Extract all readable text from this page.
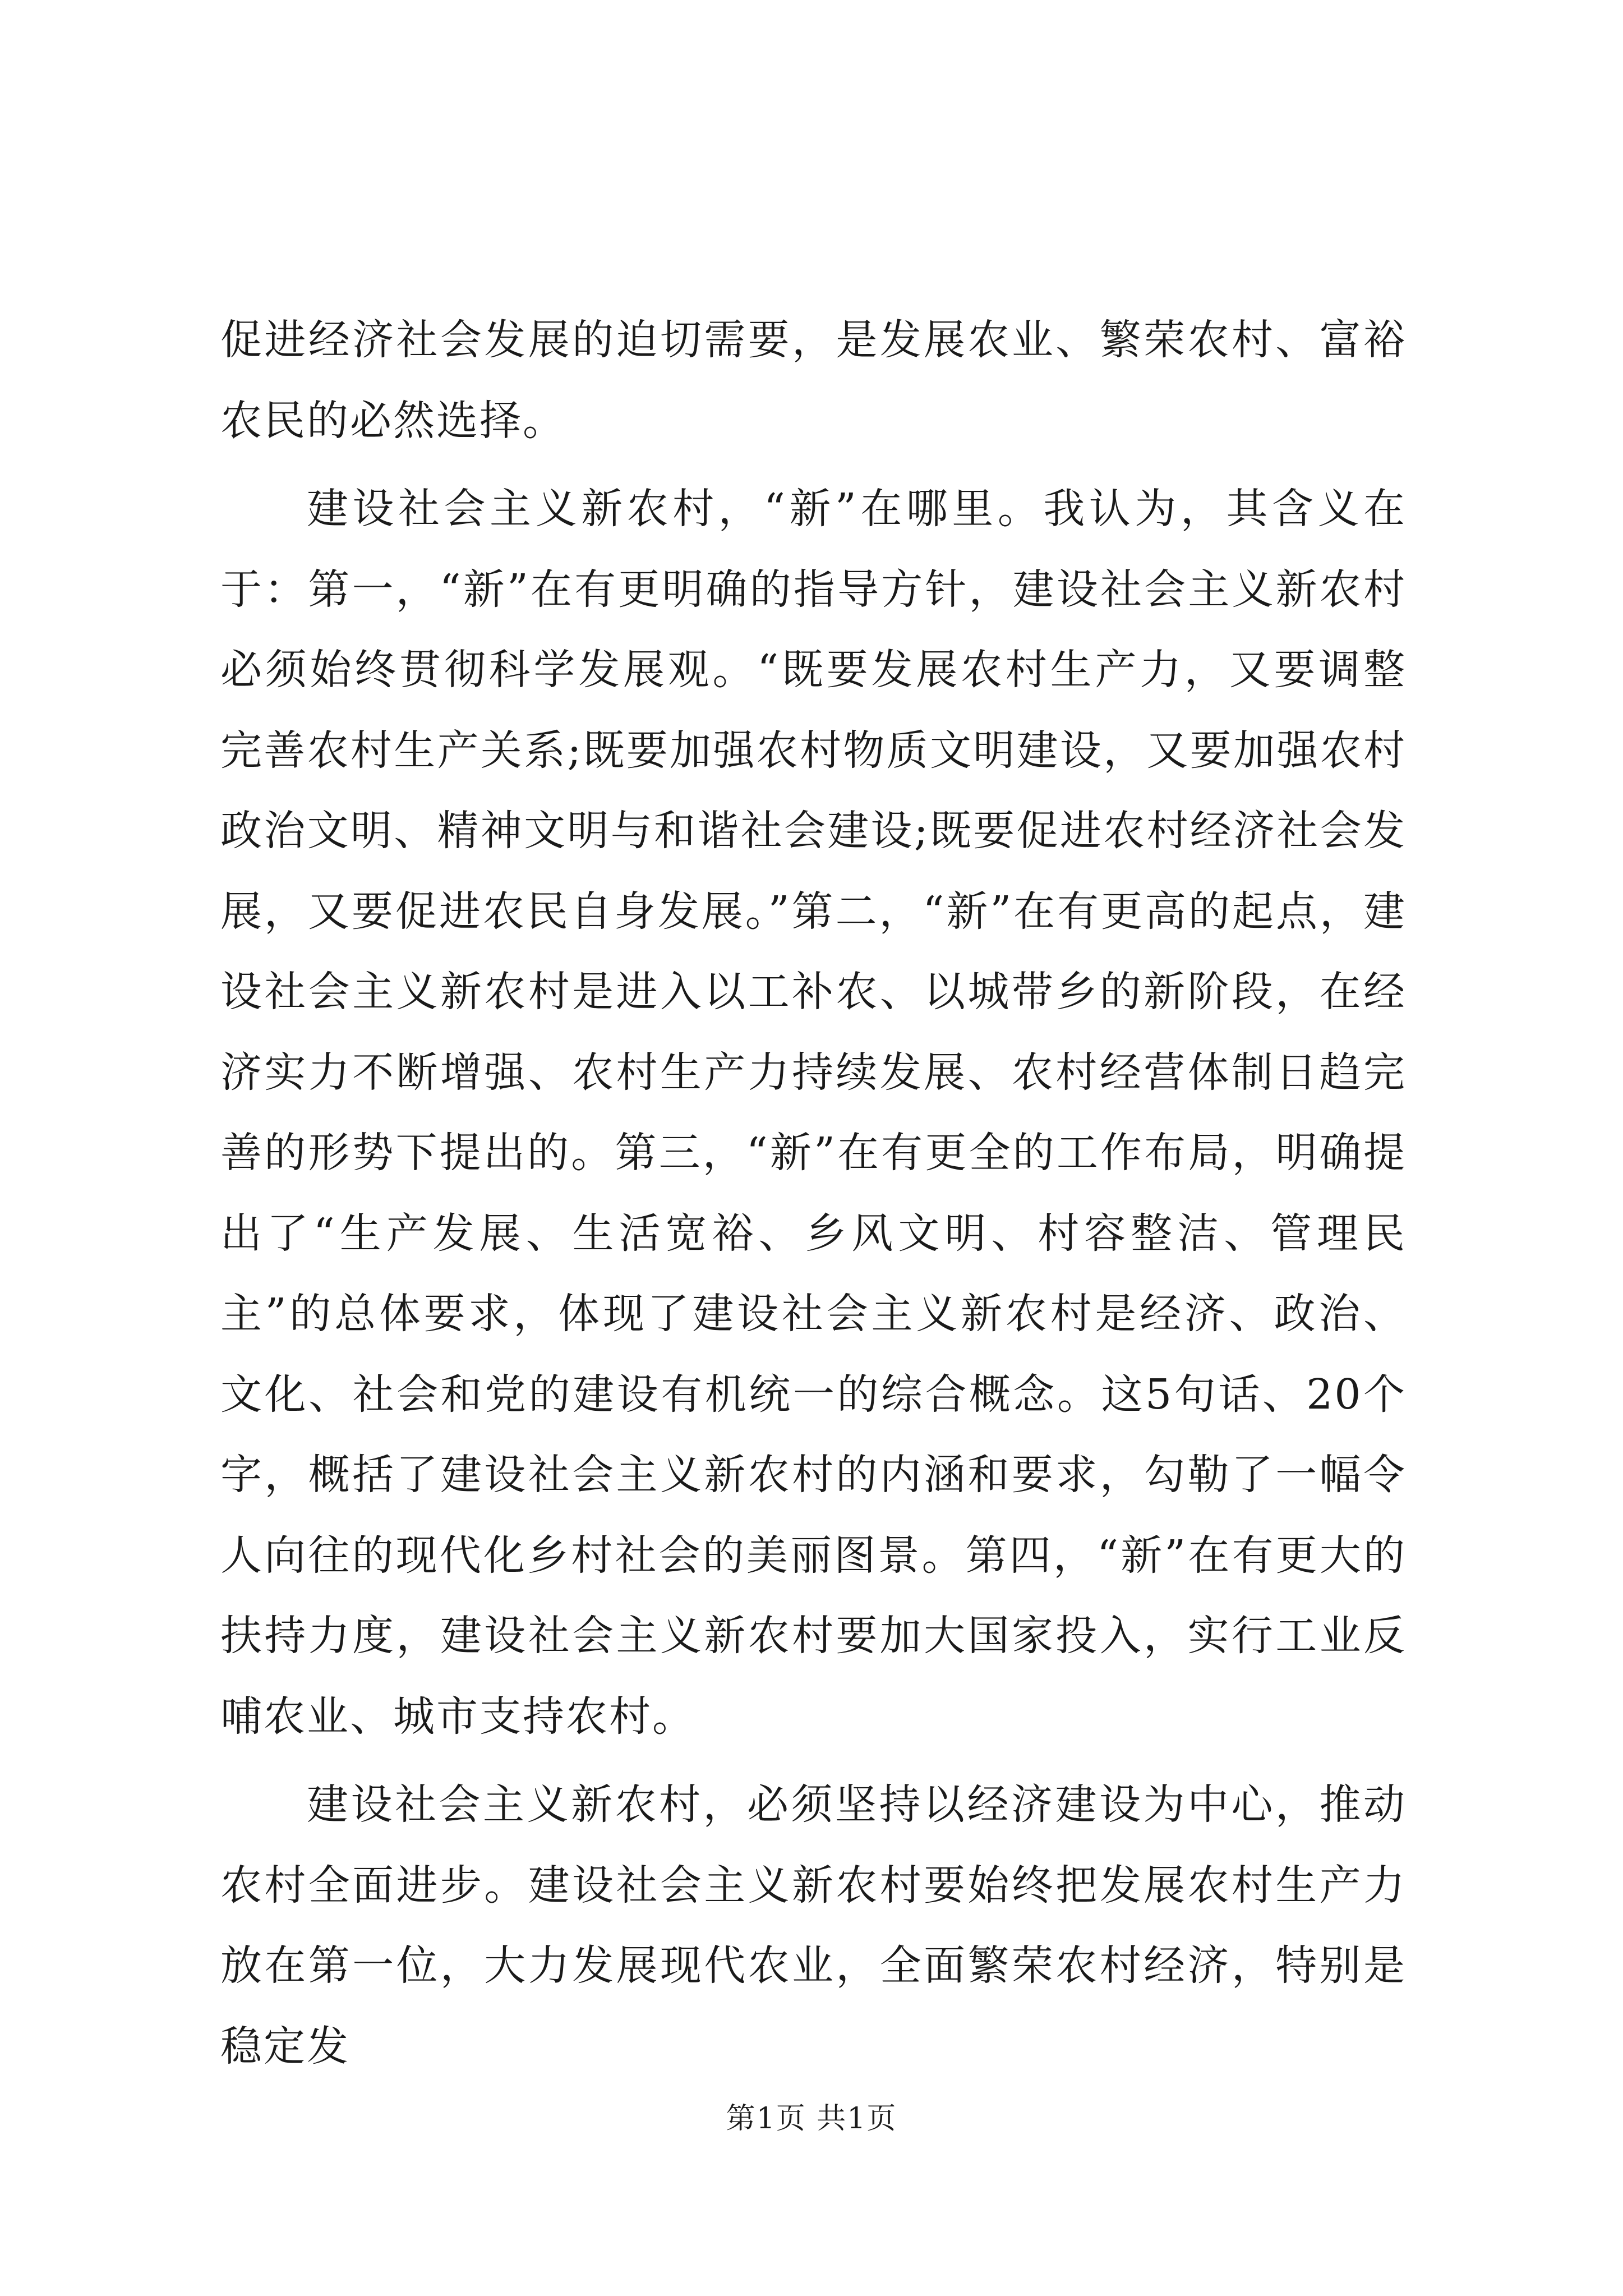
促进经济社会发展的迫切需要，是发展农业、繁荣农村、富裕农民的必然选择。

建设社会主义新农村，“新”在哪里。我认为，其含义在于：第一，“新”在有更明确的指导方针，建设社会主义新农村必须始终贯彻科学发展观。“既要发展农村生产力，又要调整完善农村生产关系;既要加强农村物质文明建设，又要加强农村政治文明、精神文明与和谐社会建设;既要促进农村经济社会发展，又要促进农民自身发展。”第二，“新”在有更高的起点，建设社会主义新农村是进入以工补农、以城带乡的新阶段，在经济实力不断增强、农村生产力持续发展、农村经营体制日趋完善的形势下提出的。第三，“新”在有更全的工作布局，明确提出了“生产发展、生活宽裕、乡风文明、村容整洁、管理民主”的总体要求，体现了建设社会主义新农村是经济、政治、文化、社会和党的建设有机统一的综合概念。这5句话、20个字，概括了建设社会主义新农村的内涵和要求，勾勒了一幅令人向往的现代化乡村社会的美丽图景。第四，“新”在有更大的扶持力度，建设社会主义新农村要加大国家投入，实行工业反哺农业、城市支持农村。

建设社会主义新农村，必须坚持以经济建设为中心，推动农村全面进步。建设社会主义新农村要始终把发展农村生产力放在第一位，大力发展现代农业，全面繁荣农村经济，特别是稳定发

第1页 共1页
